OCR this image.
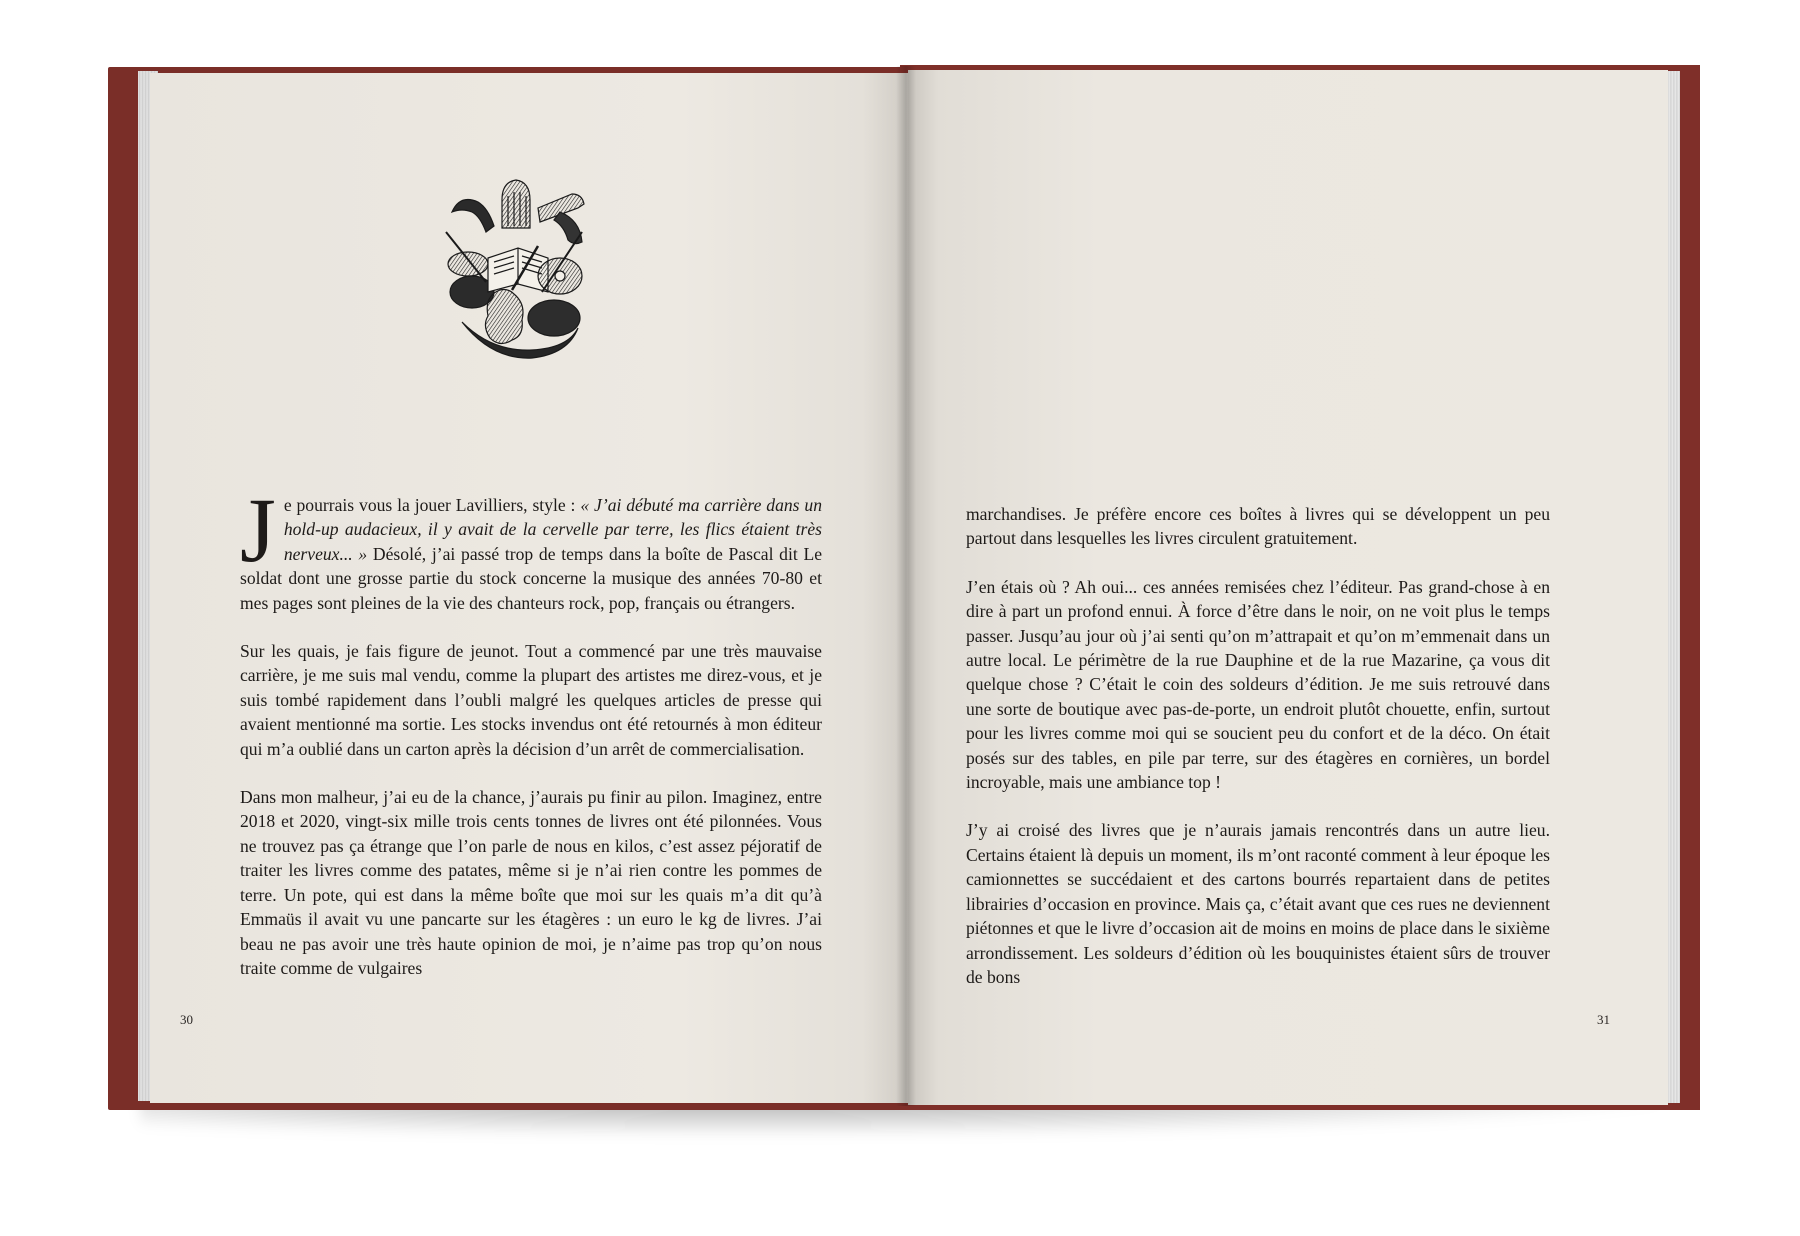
Je pourrais vous la jouer Lavilliers, style : « J’ai débuté ma carrière dans un hold-up audacieux, il y avait de la cervelle par terre, les flics étaient très nerveux... » Désolé, j’ai passé trop de temps dans la boîte de Pascal dit Le soldat dont une grosse partie du stock concerne la musique des années 70-80 et mes pages sont pleines de la vie des chanteurs rock, pop, français ou étrangers.

Sur les quais, je fais figure de jeunot. Tout a commencé par une très mauvaise carrière, je me suis mal vendu, comme la plupart des artistes me direz-vous, et je suis tombé rapidement dans l’oubli malgré les quelques articles de presse qui avaient mentionné ma sortie. Les stocks invendus ont été retournés à mon éditeur qui m’a oublié dans un carton après la décision d’un arrêt de commercialisation.

Dans mon malheur, j’ai eu de la chance, j’aurais pu finir au pilon. Imaginez, entre 2018 et 2020, vingt-six mille trois cents tonnes de livres ont été pilonnées. Vous ne trouvez pas ça étrange que l’on parle de nous en kilos, c’est assez péjoratif de traiter les livres comme des patates, même si je n’ai rien contre les pommes de terre. Un pote, qui est dans la même boîte que moi sur les quais m’a dit qu’à Emmaüs il avait vu une pancarte sur les étagères : un euro le kg de livres. J’ai beau ne pas avoir une très haute opinion de moi, je n’aime pas trop qu’on nous traite comme de vulgaires

marchandises. Je préfère encore ces boîtes à livres qui se développent un peu partout dans lesquelles les livres circulent gratuitement.

J’en étais où ? Ah oui... ces années remisées chez l’éditeur. Pas grand-chose à en dire à part un profond ennui. À force d’être dans le noir, on ne voit plus le temps passer. Jusqu’au jour où j’ai senti qu’on m’attrapait et qu’on m’emmenait dans un autre local. Le périmètre de la rue Dauphine et de la rue Mazarine, ça vous dit quelque chose ? C’était le coin des soldeurs d’édition. Je me suis retrouvé dans une sorte de boutique avec pas-de-porte, un endroit plutôt chouette, enfin, surtout pour les livres comme moi qui se soucient peu du confort et de la déco. On était posés sur des tables, en pile par terre, sur des étagères en cornières, un bordel incroyable, mais une ambiance top !

J’y ai croisé des livres que je n’aurais jamais rencontrés dans un autre lieu. Certains étaient là depuis un moment, ils m’ont raconté comment à leur époque les camionnettes se succédaient et des cartons bourrés repartaient dans de petites librairies d’occasion en province. Mais ça, c’était avant que ces rues ne deviennent piétonnes et que le livre d’occasion ait de moins en moins de place dans le sixième arrondissement. Les soldeurs d’édition où les bouquinistes étaient sûrs de trouver de bons

30	31
